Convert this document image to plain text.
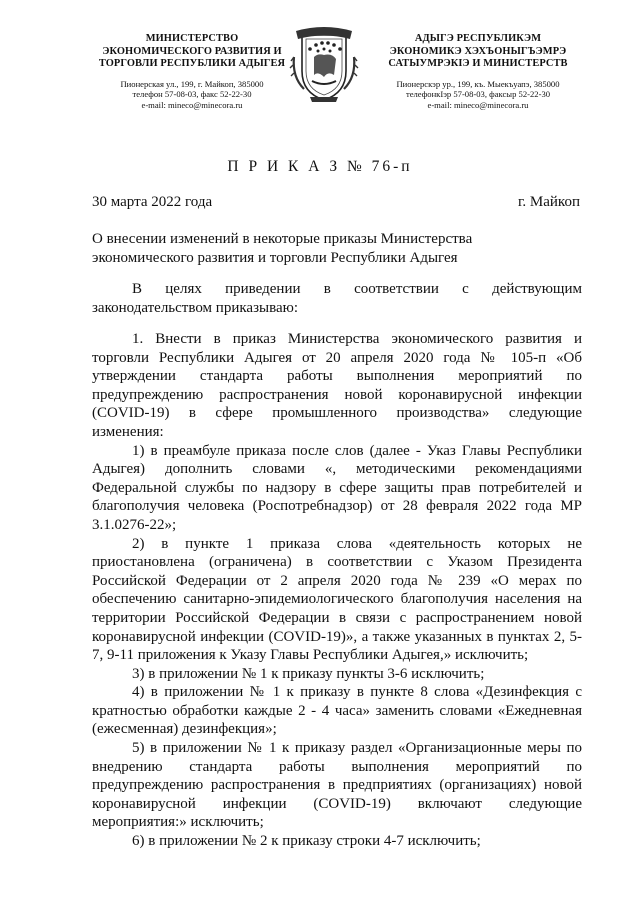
МИНИСТЕРСТВО
ЭКОНОМИЧЕСКОГО РАЗВИТИЯ И
ТОРГОВЛИ РЕСПУБЛИКИ АДЫГЕЯ
Пионерская ул., 199, г. Майкоп, 385000
телефон 57-08-03, факс 52-22-30
e-mail: mineco@minecora.ru
АДЫГЭ РЕСПУБЛИКЭМ
ЭКОНОМИКЭ ХЭХЪОНЫГЪЭМРЭ
САТЫУМРЭКIЭ И МИНИСТЕРСТВ
Пионерскэр ур., 199, къ. Мыекъуапэ, 385000
телефонкIэр 57-08-03, факсыр 52-22-30
e-mail: mineco@minecora.ru
П Р И К А З № 76-п
30 марта 2022 года	г. Майкоп
О внесении изменений в некоторые приказы Министерства
экономического развития и торговли Республики Адыгея
В целях приведении в соответствии с действующим
законодательством приказываю:
1. Внести в приказ Министерства экономического развития и
торговли Республики Адыгея от 20 апреля 2020 года № 105-п «Об
утверждении стандарта работы выполнения мероприятий по
предупреждению распространения новой коронавирусной инфекции
(COVID-19) в сфере промышленного производства» следующие
изменения:
1) в преамбуле приказа после слов (далее - Указ Главы Республики
Адыгея) дополнить словами «, методическими рекомендациями
Федеральной службы по надзору в сфере защиты прав потребителей и
благополучия человека (Роспотребнадзор) от 28 февраля 2022 года МР
3.1.0276-22»;
2) в пункте 1 приказа слова «деятельность которых не
приостановлена (ограничена) в соответствии с Указом Президента
Российской Федерации от 2 апреля 2020 года № 239 «О мерах по
обеспечению санитарно-эпидемиологического благополучия населения на
территории Российской Федерации в связи с распространением новой
коронавирусной инфекции (COVID-19)», а также указанных в пунктах 2, 5-
7, 9-11 приложения к Указу Главы Республики Адыгея,» исключить;
3) в приложении № 1 к приказу пункты 3-6 исключить;
4) в приложении № 1 к приказу в пункте 8 слова «Дезинфекция с
кратностью обработки каждые 2 - 4 часа» заменить словами «Ежедневная
(ежесменная) дезинфекция»;
5) в приложении № 1 к приказу раздел «Организационные меры по
внедрению стандарта работы выполнения мероприятий по
предупреждению распространения в предприятиях (организациях) новой
коронавирусной инфекции (COVID-19) включают следующие
мероприятия:» исключить;
6) в приложении № 2 к приказу строки 4-7 исключить;
